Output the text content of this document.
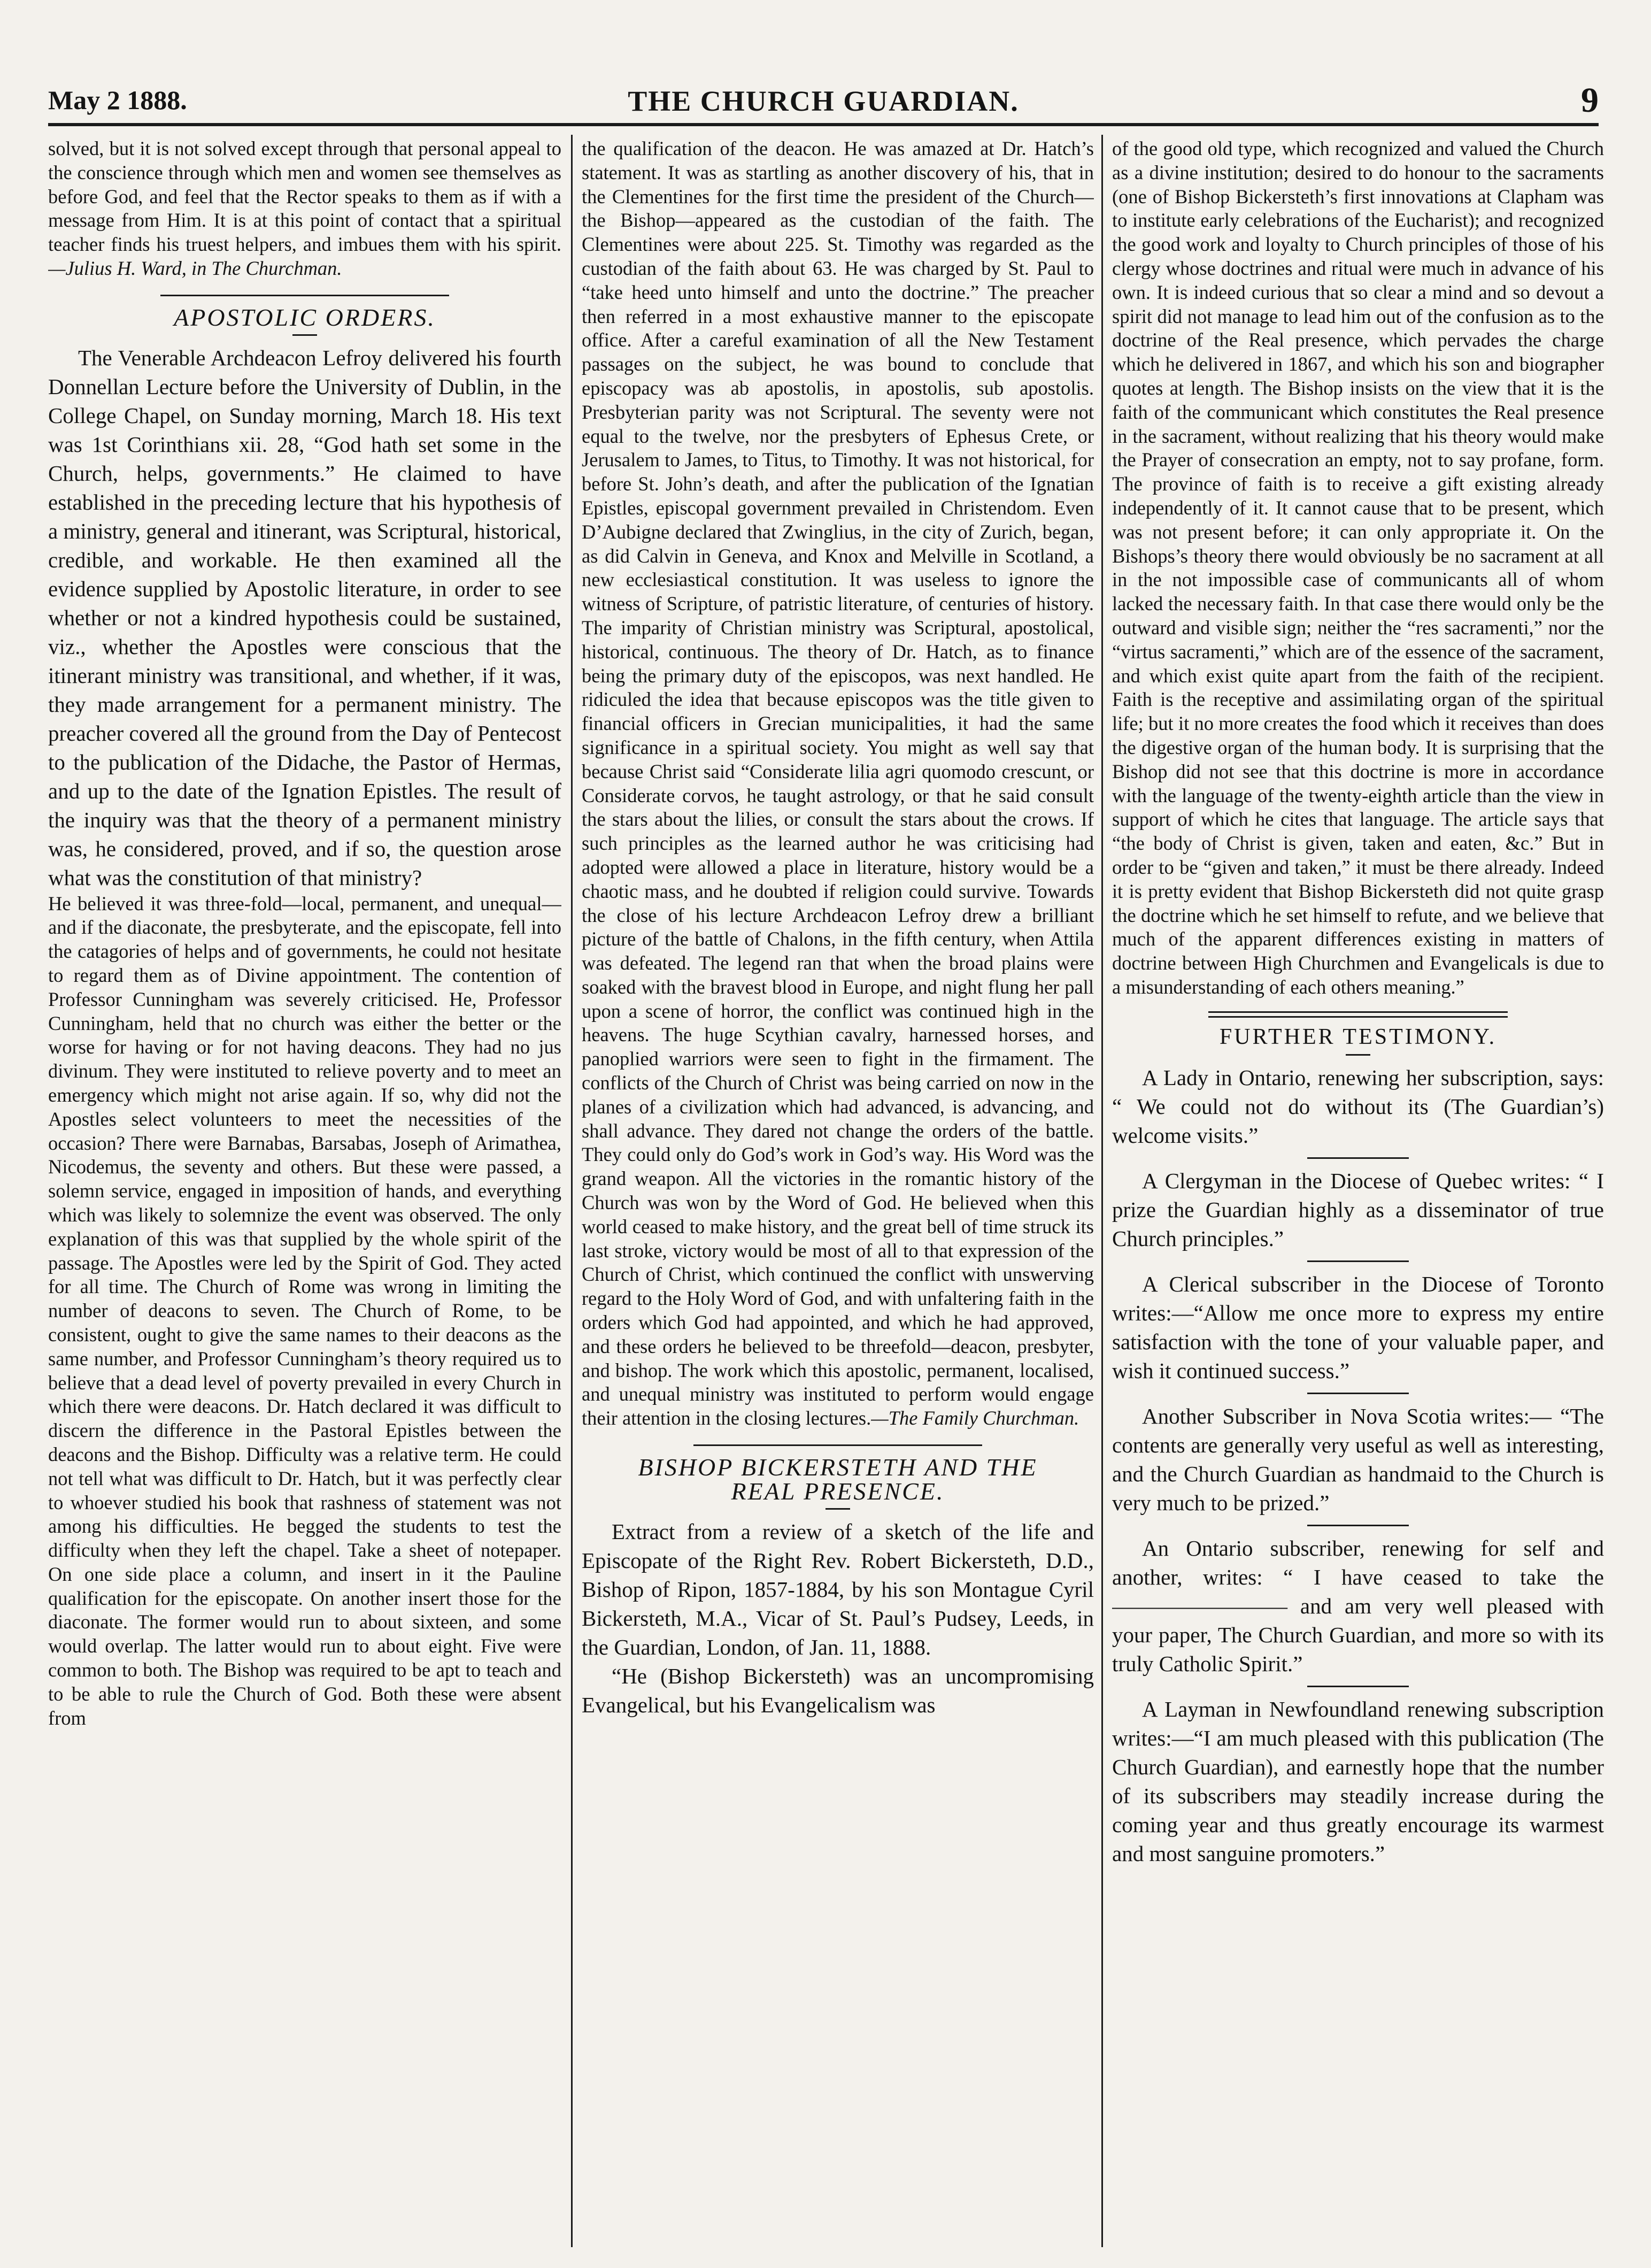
May 2 1888.	THE CHURCH GUARDIAN.	9

solved, but it is not solved except through that personal appeal to the conscience through which men and women see themselves as before God, and feel that the Rector speaks to them as if with a message from Him. It is at this point of contact that a spiritual teacher finds his truest helpers, and imbues them with his spirit. —Julius H. Ward, in The Churchman.

APOSTOLIC ORDERS.

The Venerable Archdeacon Lefroy delivered his fourth Donnellan Lecture before the University of Dublin, in the College Chapel, on Sunday morning, March 18. His text was 1st Corinthians xii. 28, “God hath set some in the Church, helps, governments.” He claimed to have established in the preceding lecture that his hypothesis of a ministry, general and itinerant, was Scriptural, historical, credible, and workable. He then examined all the evidence supplied by Apostolic literature, in order to see whether or not a kindred hypothesis could be sustained, viz., whether the Apostles were conscious that the itinerant ministry was transitional, and whether, if it was, they made arrangement for a permanent ministry. The preacher covered all the ground from the Day of Pentecost to the publication of the Didache, the Pastor of Hermas, and up to the date of the Ignation Epistles. The result of the inquiry was that the theory of a permanent ministry was, he considered, proved, and if so, the question arose what was the constitution of that ministry?

He believed it was three-fold—local, permanent, and unequal—and if the diaconate, the presbyterate, and the episcopate, fell into the catagories of helps and of governments, he could not hesitate to regard them as of Divine appointment. The contention of Professor Cunningham was severely criticised. He, Professor Cunningham, held that no church was either the better or the worse for having or for not having deacons. They had no jus divinum. They were instituted to relieve poverty and to meet an emergency which might not arise again. If so, why did not the Apostles select volunteers to meet the necessities of the occasion? There were Barnabas, Barsabas, Joseph of Arimathea, Nicodemus, the seventy and others. But these were passed, a solemn service, engaged in imposition of hands, and everything which was likely to solemnize the event was observed. The only explanation of this was that supplied by the whole spirit of the passage. The Apostles were led by the Spirit of God. They acted for all time. The Church of Rome was wrong in limiting the number of deacons to seven. The Church of Rome, to be consistent, ought to give the same names to their deacons as the same number, and Professor Cunningham’s theory required us to believe that a dead level of poverty prevailed in every Church in which there were deacons. Dr. Hatch declared it was difficult to discern the difference in the Pastoral Epistles between the deacons and the Bishop. Difficulty was a relative term. He could not tell what was difficult to Dr. Hatch, but it was perfectly clear to whoever studied his book that rashness of statement was not among his difficulties. He begged the students to test the difficulty when they left the chapel. Take a sheet of notepaper. On one side place a column, and insert in it the Pauline qualification for the episcopate. On another insert those for the diaconate. The former would run to about sixteen, and some would overlap. The latter would run to about eight. Five were common to both. The Bishop was required to be apt to teach and to be able to rule the Church of God. Both these were absent from

the qualification of the deacon. He was amazed at Dr. Hatch’s statement. It was as startling as another discovery of his, that in the Clementines for the first time the president of the Church—the Bishop—appeared as the custodian of the faith. The Clementines were about 225. St. Timothy was regarded as the custodian of the faith about 63. He was charged by St. Paul to “take heed unto himself and unto the doctrine.” The preacher then referred in a most exhaustive manner to the episcopate office. After a careful examination of all the New Testament passages on the subject, he was bound to conclude that episcopacy was ab apostolis, in apostolis, sub apostolis. Presbyterian parity was not Scriptural. The seventy were not equal to the twelve, nor the presbyters of Ephesus Crete, or Jerusalem to James, to Titus, to Timothy. It was not historical, for before St. John’s death, and after the publication of the Ignatian Epistles, episcopal government prevailed in Christendom. Even D’Aubigne declared that Zwinglius, in the city of Zurich, began, as did Calvin in Geneva, and Knox and Melville in Scotland, a new ecclesiastical constitution. It was useless to ignore the witness of Scripture, of patristic literature, of centuries of history. The imparity of Christian ministry was Scriptural, apostolical, historical, continuous. The theory of Dr. Hatch, as to finance being the primary duty of the episcopos, was next handled. He ridiculed the idea that because episcopos was the title given to financial officers in Grecian municipalities, it had the same significance in a spiritual society. You might as well say that because Christ said “Considerate lilia agri quomodo crescunt, or Considerate corvos, he taught astrology, or that he said consult the stars about the lilies, or consult the stars about the crows. If such principles as the learned author he was criticising had adopted were allowed a place in literature, history would be a chaotic mass, and he doubted if religion could survive. Towards the close of his lecture Archdeacon Lefroy drew a brilliant picture of the battle of Chalons, in the fifth century, when Attila was defeated. The legend ran that when the broad plains were soaked with the bravest blood in Europe, and night flung her pall upon a scene of horror, the conflict was continued high in the heavens. The huge Scythian cavalry, harnessed horses, and panoplied warriors were seen to fight in the firmament. The conflicts of the Church of Christ was being carried on now in the planes of a civilization which had advanced, is advancing, and shall advance. They dared not change the orders of the battle. They could only do God’s work in God’s way. His Word was the grand weapon. All the victories in the romantic history of the Church was won by the Word of God. He believed when this world ceased to make history, and the great bell of time struck its last stroke, victory would be most of all to that expression of the Church of Christ, which continued the conflict with unswerving regard to the Holy Word of God, and with unfaltering faith in the orders which God had appointed, and which he had approved, and these orders he believed to be threefold—deacon, presbyter, and bishop. The work which this apostolic, permanent, localised, and unequal ministry was instituted to perform would engage their attention in the closing lectures.—The Family Churchman.

BISHOP BICKERSTETH AND THE
REAL PRESENCE.

Extract from a review of a sketch of the life and Episcopate of the Right Rev. Robert Bickersteth, D.D., Bishop of Ripon, 1857-1884, by his son Montague Cyril Bickersteth, M.A., Vicar of St. Paul’s Pudsey, Leeds, in the Guardian, London, of Jan. 11, 1888.

“He (Bishop Bickersteth) was an uncompromising Evangelical, but his Evangelicalism was

of the good old type, which recognized and valued the Church as a divine institution; desired to do honour to the sacraments (one of Bishop Bickersteth’s first innovations at Clapham was to institute early celebrations of the Eucharist); and recognized the good work and loyalty to Church principles of those of his clergy whose doctrines and ritual were much in advance of his own. It is indeed curious that so clear a mind and so devout a spirit did not manage to lead him out of the confusion as to the doctrine of the Real presence, which pervades the charge which he delivered in 1867, and which his son and biographer quotes at length. The Bishop insists on the view that it is the faith of the communicant which constitutes the Real presence in the sacrament, without realizing that his theory would make the Prayer of consecration an empty, not to say profane, form. The province of faith is to receive a gift existing already independently of it. It cannot cause that to be present, which was not present before; it can only appropriate it. On the Bishops’s theory there would obviously be no sacrament at all in the not impossible case of communicants all of whom lacked the necessary faith. In that case there would only be the outward and visible sign; neither the “res sacramenti,” nor the “virtus sacramenti,” which are of the essence of the sacrament, and which exist quite apart from the faith of the recipient. Faith is the receptive and assimilating organ of the spiritual life; but it no more creates the food which it receives than does the digestive organ of the human body. It is surprising that the Bishop did not see that this doctrine is more in accordance with the language of the twenty-eighth article than the view in support of which he cites that language. The article says that “the body of Christ is given, taken and eaten, &c.” But in order to be “given and taken,” it must be there already. Indeed it is pretty evident that Bishop Bickersteth did not quite grasp the doctrine which he set himself to refute, and we believe that much of the apparent differences existing in matters of doctrine between High Churchmen and Evangelicals is due to a misunderstanding of each others meaning.”

FURTHER TESTIMONY.

A Lady in Ontario, renewing her subscription, says: “ We could not do without its (The Guardian’s) welcome visits.”

A Clergyman in the Diocese of Quebec writes: “ I prize the Guardian highly as a disseminator of true Church principles.”

A Clerical subscriber in the Diocese of Toronto writes:—“Allow me once more to express my entire satisfaction with the tone of your valuable paper, and wish it continued success.”

Another Subscriber in Nova Scotia writes:— “The contents are generally very useful as well as interesting, and the Church Guardian as handmaid to the Church is very much to be prized.”

An Ontario subscriber, renewing for self and another, writes: “ I have ceased to take the ———————— and am very well pleased with your paper, The Church Guardian, and more so with its truly Catholic Spirit.”

A Layman in Newfoundland renewing subscription writes:—“I am much pleased with this publication (The Church Guardian), and earnestly hope that the number of its subscribers may steadily increase during the coming year and thus greatly encourage its warmest and most sanguine promoters.”
